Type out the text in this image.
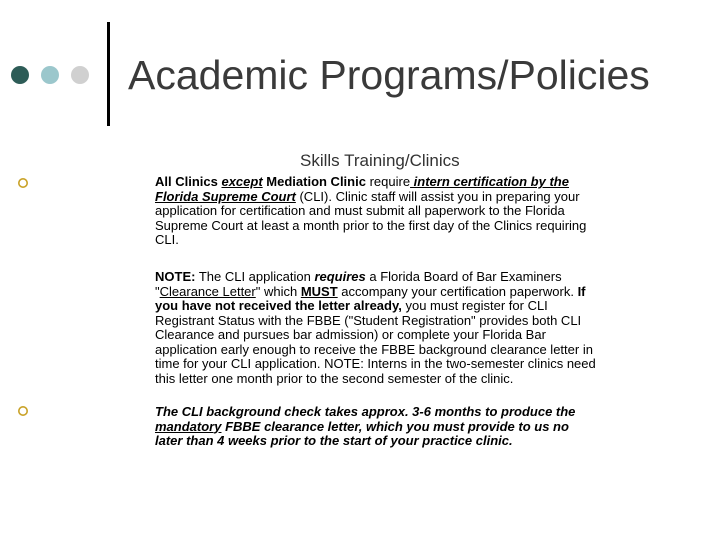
Academic Programs/Policies
Skills Training/Clinics
All Clinics except Mediation Clinic require intern certification by the
Florida Supreme Court (CLI). Clinic staff will assist you in preparing your
application for certification and must submit all paperwork to the Florida
Supreme Court at least a month prior to the first day of the Clinics requiring
CLI.
NOTE: The CLI application requires a Florida Board of Bar Examiners
"Clearance Letter" which MUST accompany your certification paperwork. If
you have not received the letter already, you must register for CLI
Registrant Status with the FBBE ("Student Registration" provides both CLI
Clearance and pursues bar admission) or complete your Florida Bar
application early enough to receive the FBBE background clearance letter in
time for your CLI application. NOTE: Interns in the two-semester clinics need
this letter one month prior to the second semester of the clinic.
The CLI background check takes approx. 3-6 months to produce the
mandatory FBBE clearance letter, which you must provide to us no
later than 4 weeks prior to the start of your practice clinic.
